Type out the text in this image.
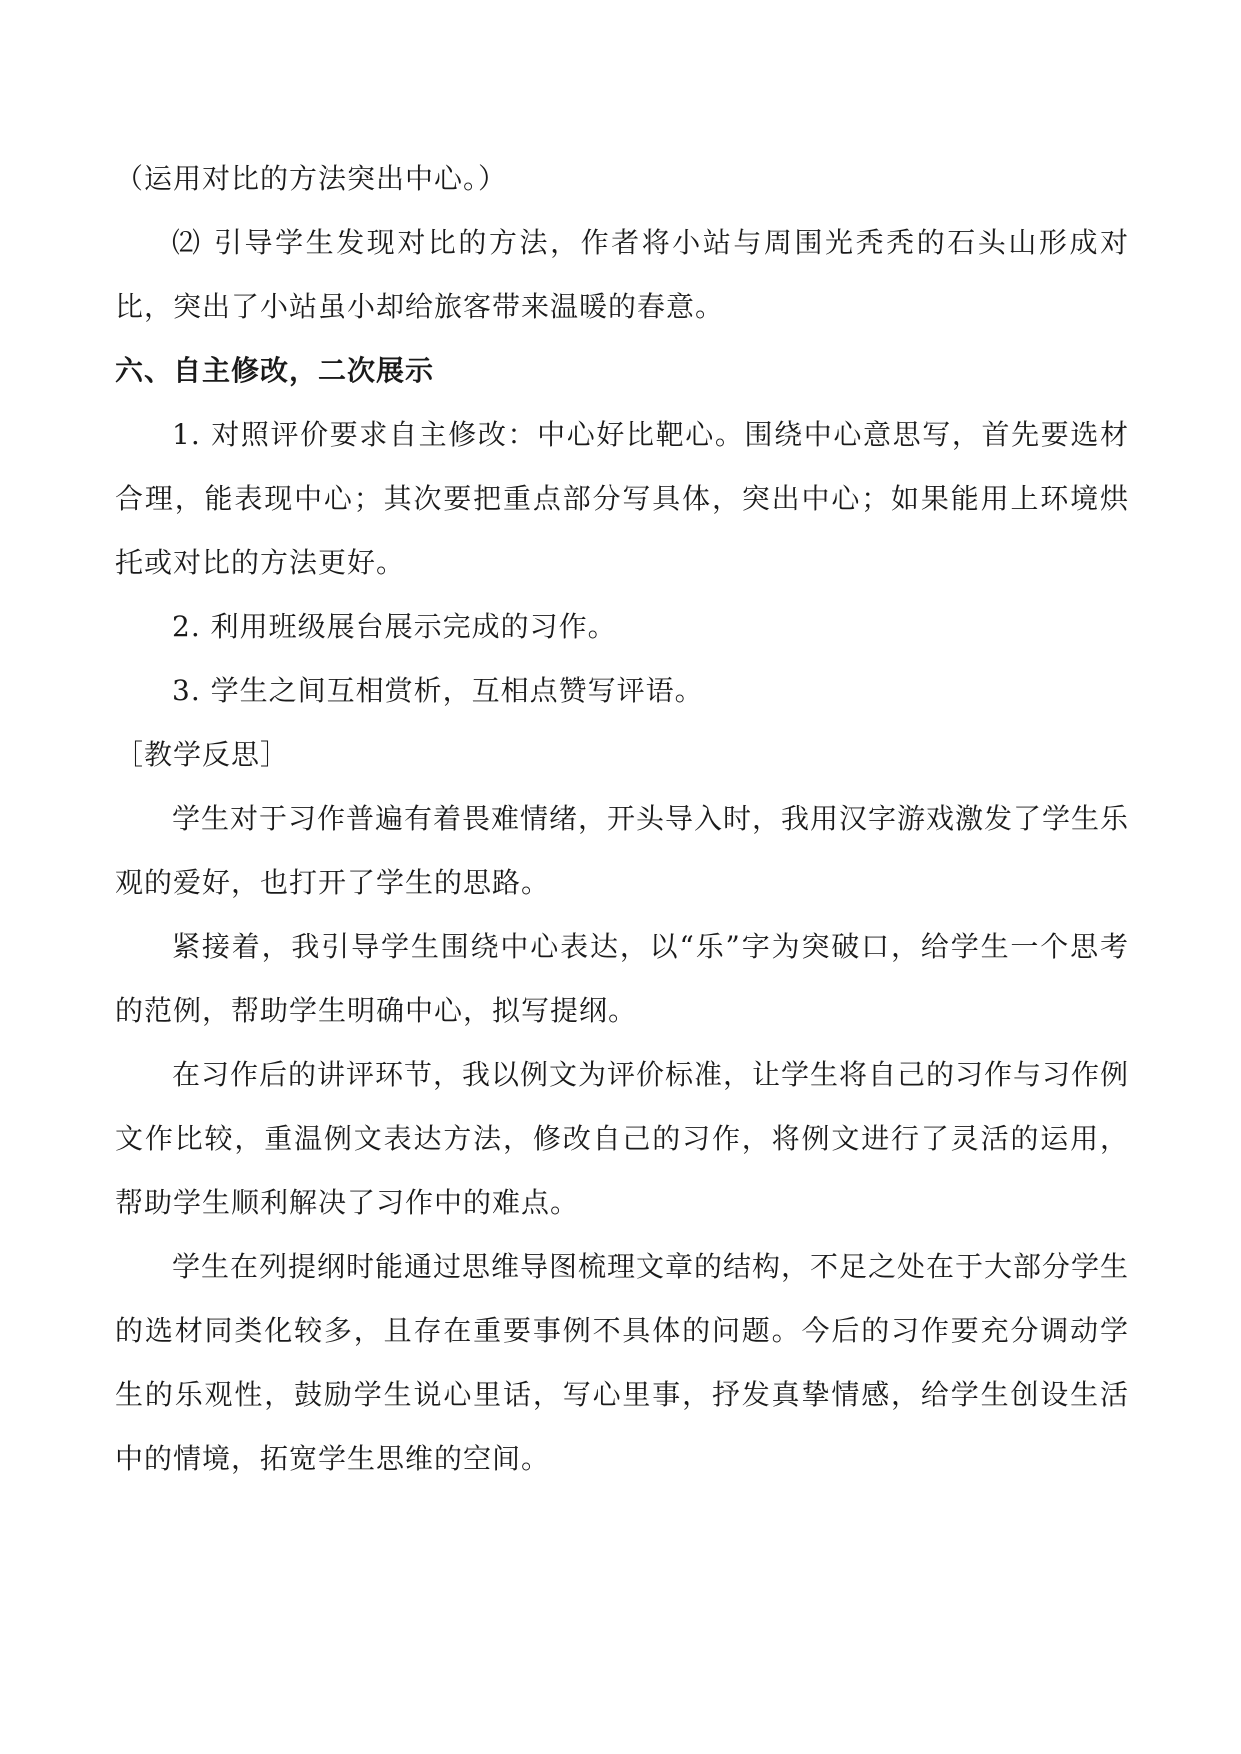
（运用对比的方法突出中心。）

⑵ 引导学生发现对比的方法，作者将小站与周围光秃秃的石头山形成对比，突出了小站虽小却给旅客带来温暖的春意。

六、自主修改，二次展示

1. 对照评价要求自主修改：中心好比靶心。围绕中心意思写，首先要选材合理，能表现中心；其次要把重点部分写具体，突出中心；如果能用上环境烘托或对比的方法更好。

2. 利用班级展台展示完成的习作。

3. 学生之间互相赏析，互相点赞写评语。

［教学反思］

学生对于习作普遍有着畏难情绪，开头导入时，我用汉字游戏激发了学生乐观的爱好，也打开了学生的思路。

紧接着，我引导学生围绕中心表达，以“乐”字为突破口，给学生一个思考的范例，帮助学生明确中心，拟写提纲。

在习作后的讲评环节，我以例文为评价标准，让学生将自己的习作与习作例文作比较，重温例文表达方法，修改自己的习作，将例文进行了灵活的运用，帮助学生顺利解决了习作中的难点。

学生在列提纲时能通过思维导图梳理文章的结构，不足之处在于大部分学生的选材同类化较多，且存在重要事例不具体的问题。今后的习作要充分调动学生的乐观性，鼓励学生说心里话，写心里事，抒发真挚情感，给学生创设生活中的情境，拓宽学生思维的空间。
